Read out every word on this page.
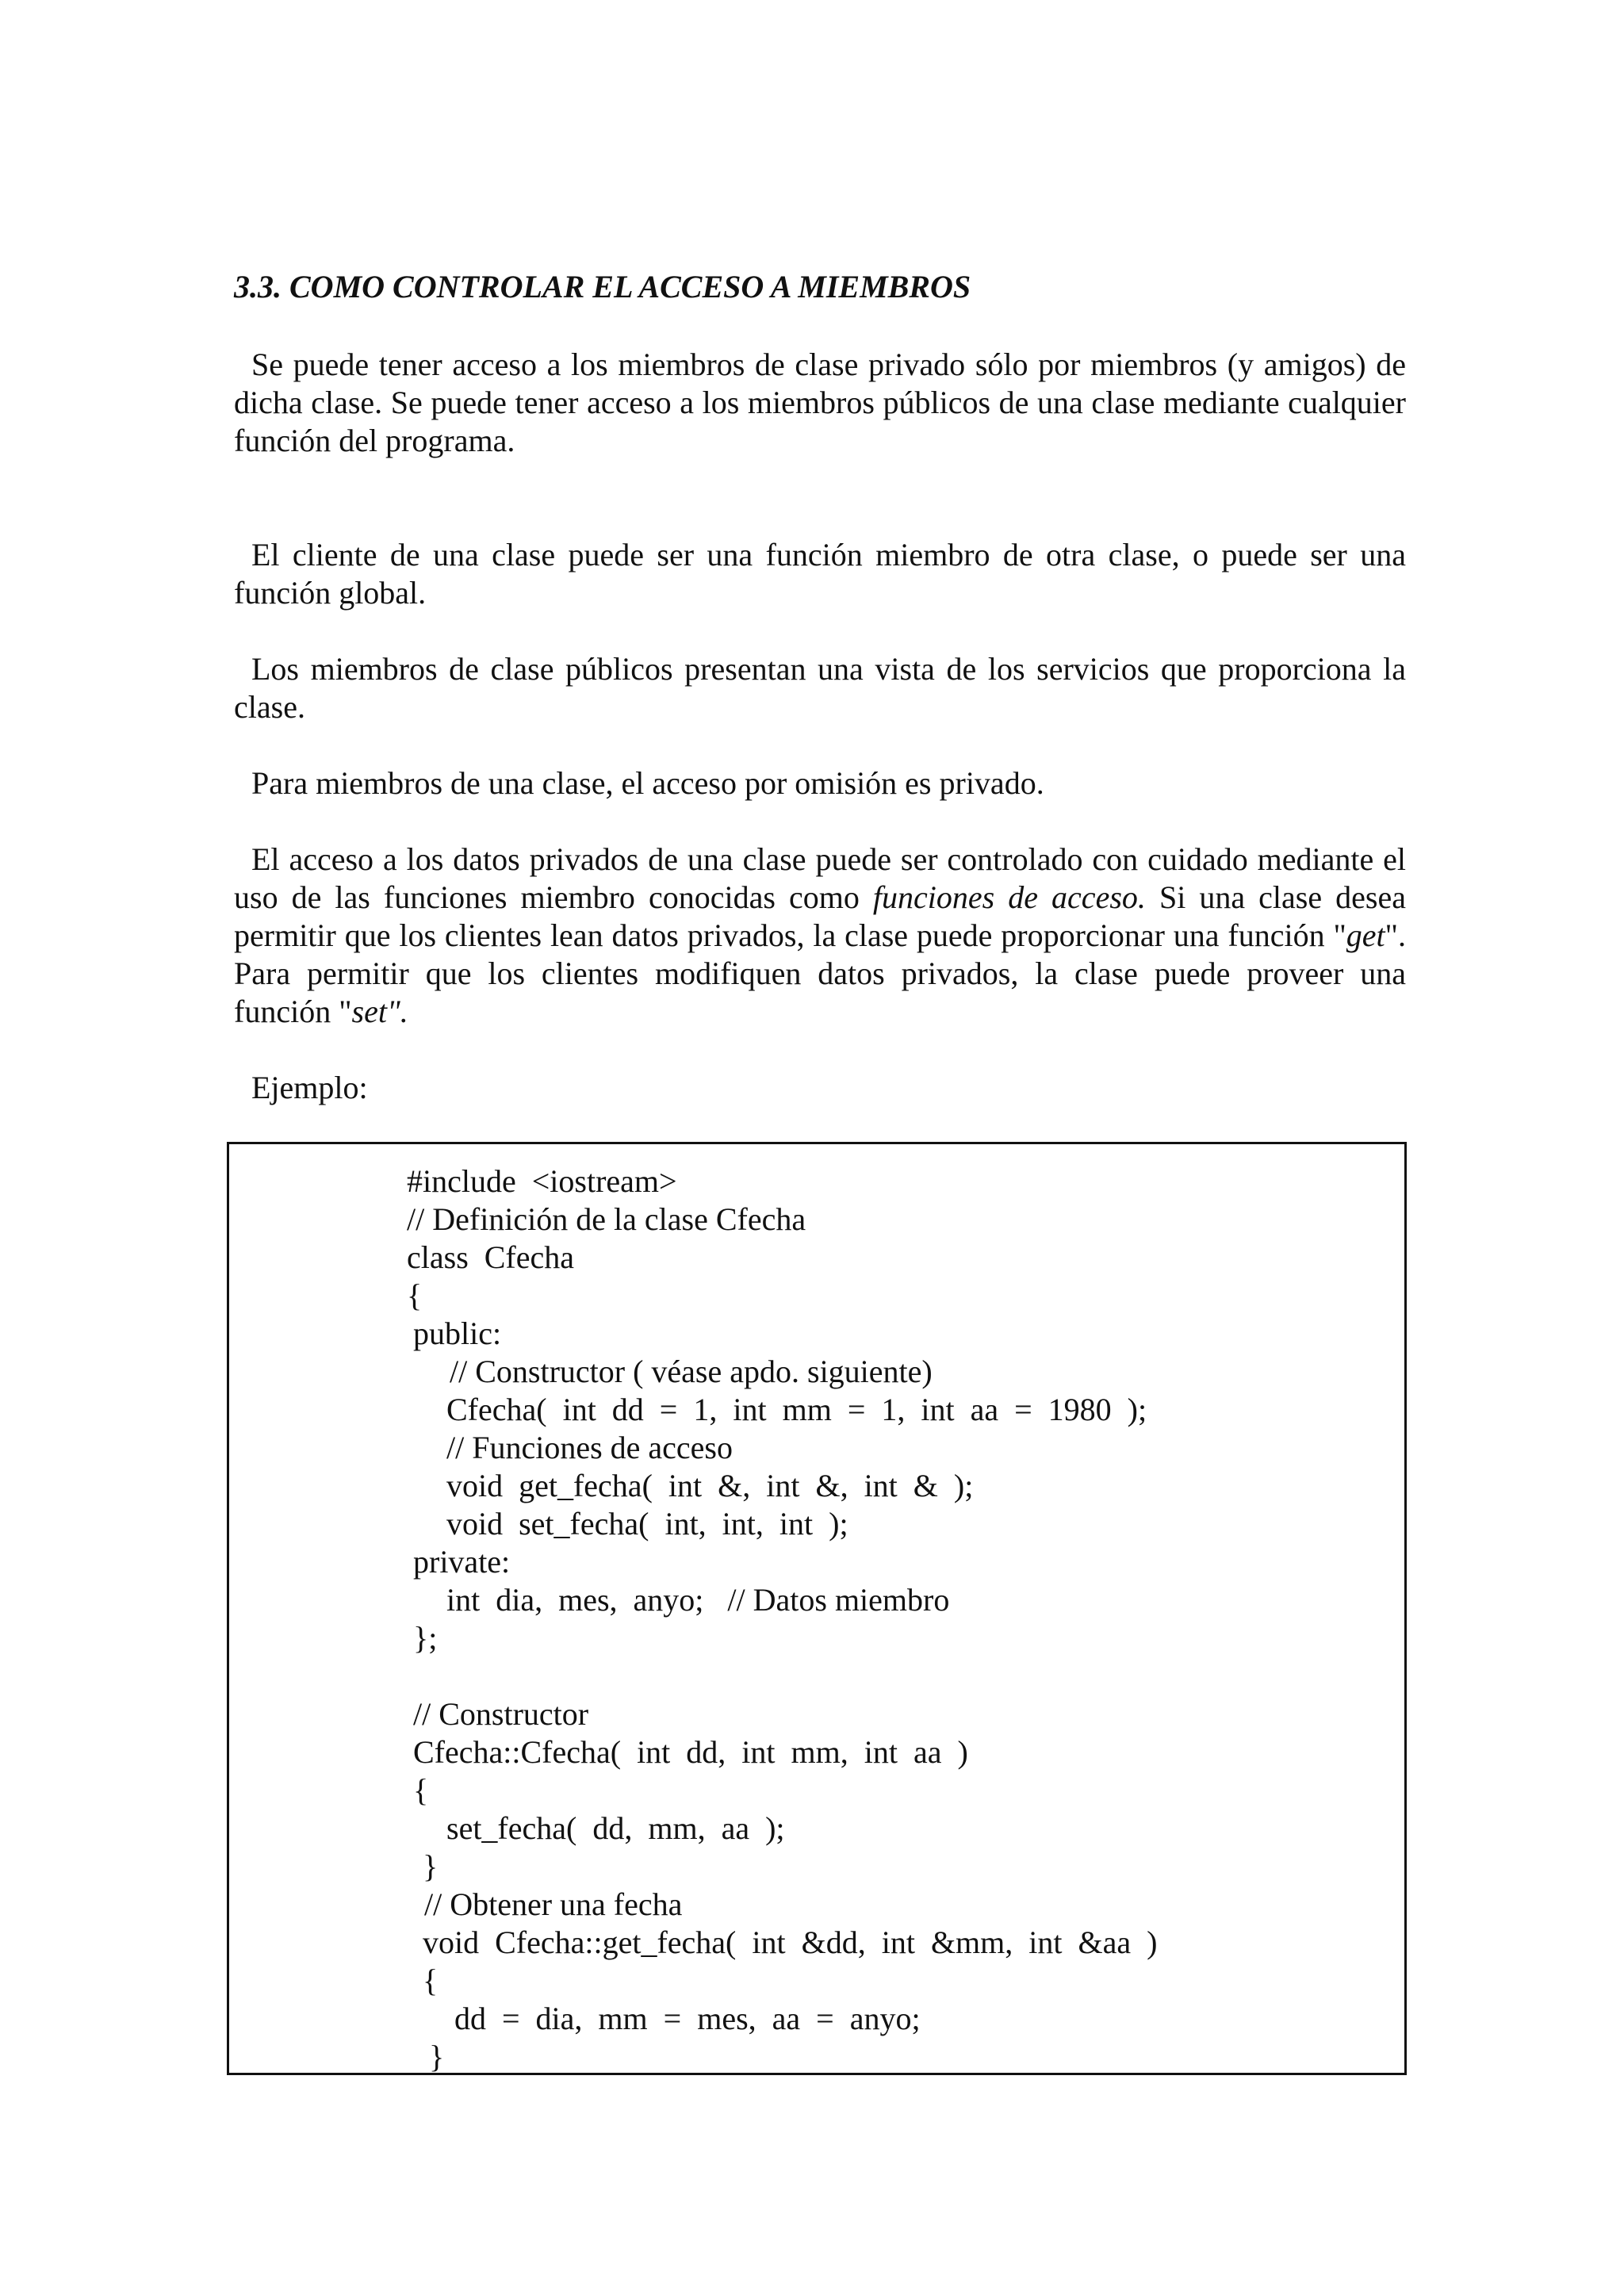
3.3. COMO CONTROLAR EL ACCESO A MIEMBROS

Se puede tener acceso a los miembros de clase privado sólo por miembros (y amigos) de dicha clase. Se puede tener acceso a los miembros públicos de una clase mediante cualquier función del programa.

El cliente de una clase puede ser una función miembro de otra clase, o puede ser una función global.

Los miembros de clase públicos presentan una vista de los servicios que proporciona la clase.

Para miembros de una clase, el acceso por omisión es privado.

El acceso a los datos privados de una clase puede ser controlado con cuidado mediante el uso de las funciones miembro conocidas como funciones de acceso. Si una clase desea permitir que los clientes lean datos privados, la clase puede proporcionar una función "get". Para permitir que los clientes modifiquen datos privados, la clase puede proveer una función "set".

Ejemplo:

#include  <iostream>

// Definición de la clase Cfecha

class  Cfecha

{

public:

// Constructor ( véase apdo. siguiente)

Cfecha(  int  dd  =  1,  int  mm  =  1,  int  aa  =  1980  );

// Funciones de acceso

void  get_fecha(  int  &,  int  &,  int  &  );

void  set_fecha(  int,  int,  int  );

private:

int  dia,  mes,  anyo;   // Datos miembro

};

// Constructor

Cfecha::Cfecha(  int  dd,  int  mm,  int  aa  )

{

set_fecha(  dd,  mm,  aa  );

}

// Obtener una fecha

void  Cfecha::get_fecha(  int  &dd,  int  &mm,  int  &aa  )

{

dd  =  dia,  mm  =  mes,  aa  =  anyo;

}
